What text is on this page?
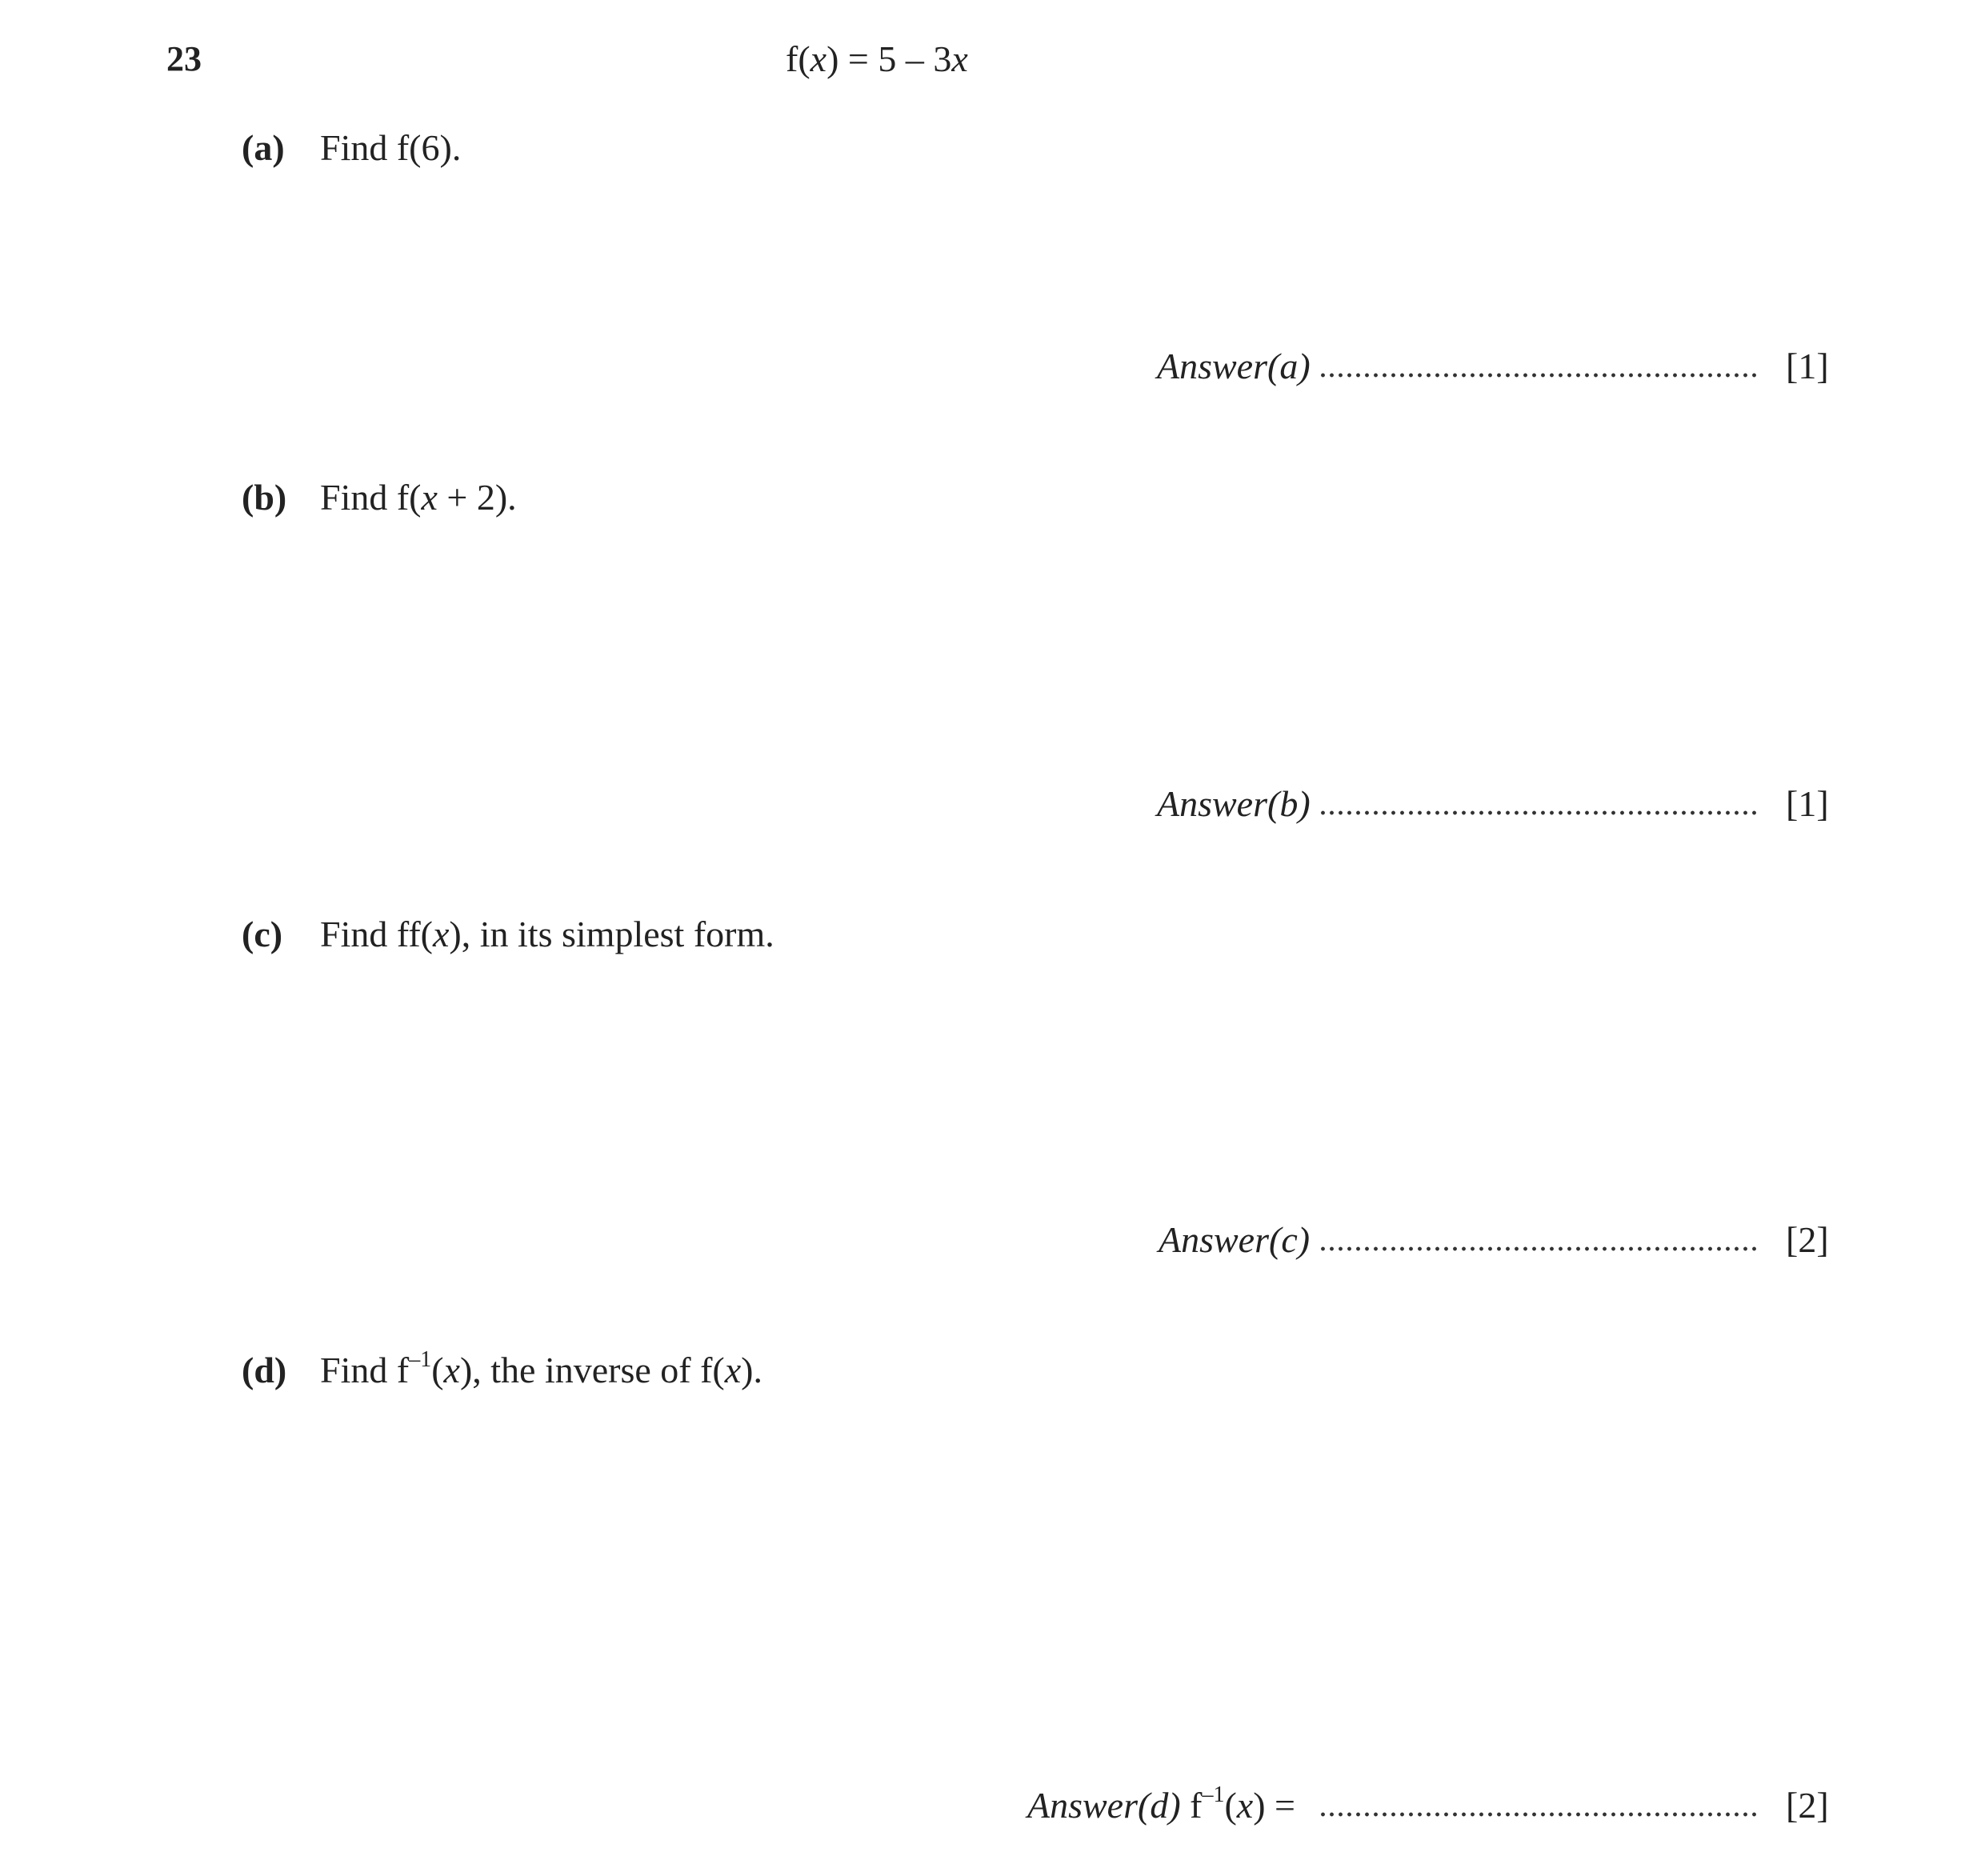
23	f(x) = 5 – 3x
(a) Find f(6).
Answer(a)	[1]
(b) Find f(x + 2).
Answer(b)	[1]
(c) Find ff(x), in its simplest form.
Answer(c)	[2]
(d) Find $f^{-1}(x)$, the inverse of f(x).
Answer(d) $f^{-1}(x)$ =	[2]
